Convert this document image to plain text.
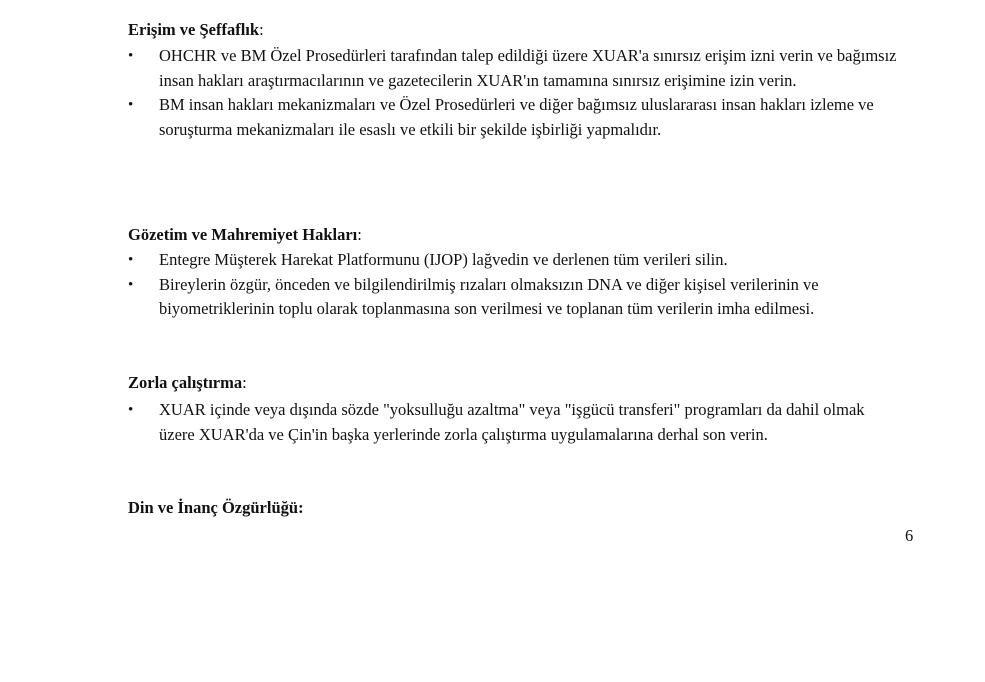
Erişim ve Şeffaflık:
•	OHCHR ve BM Özel Prosedürleri tarafından talep edildiği üzere XUAR'a sınırsız erişim izni verin ve bağımsız insan hakları araştırmacılarının ve gazetecilerin XUAR'ın tamamına sınırsız erişimine izin verin.
•	BM insan hakları mekanizmaları ve Özel Prosedürleri ve diğer bağımsız uluslararası insan hakları izleme ve soruşturma mekanizmaları ile esaslı ve etkili bir şekilde işbirliği yapmalıdır.
Gözetim ve Mahremiyet Hakları:
•	Entegre Müşterek Harekat Platformunu (IJOP) lağvedin ve derlenen tüm verileri silin.
•	Bireylerin özgür, önceden ve bilgilendirilmiş rızaları olmaksızın DNA ve diğer kişisel verilerinin ve biyometriklerinin toplu olarak toplanmasına son verilmesi ve toplanan tüm verilerin imha edilmesi.
Zorla çalıştırma:
•	XUAR içinde veya dışında sözde "yoksulluğu azaltma" veya "işgücü transferi" programları da dahil olmak üzere XUAR'da ve Çin'in başka yerlerinde zorla çalıştırma uygulamalarına derhal son verin.
Din ve İnanç Özgürlüğü:
6
